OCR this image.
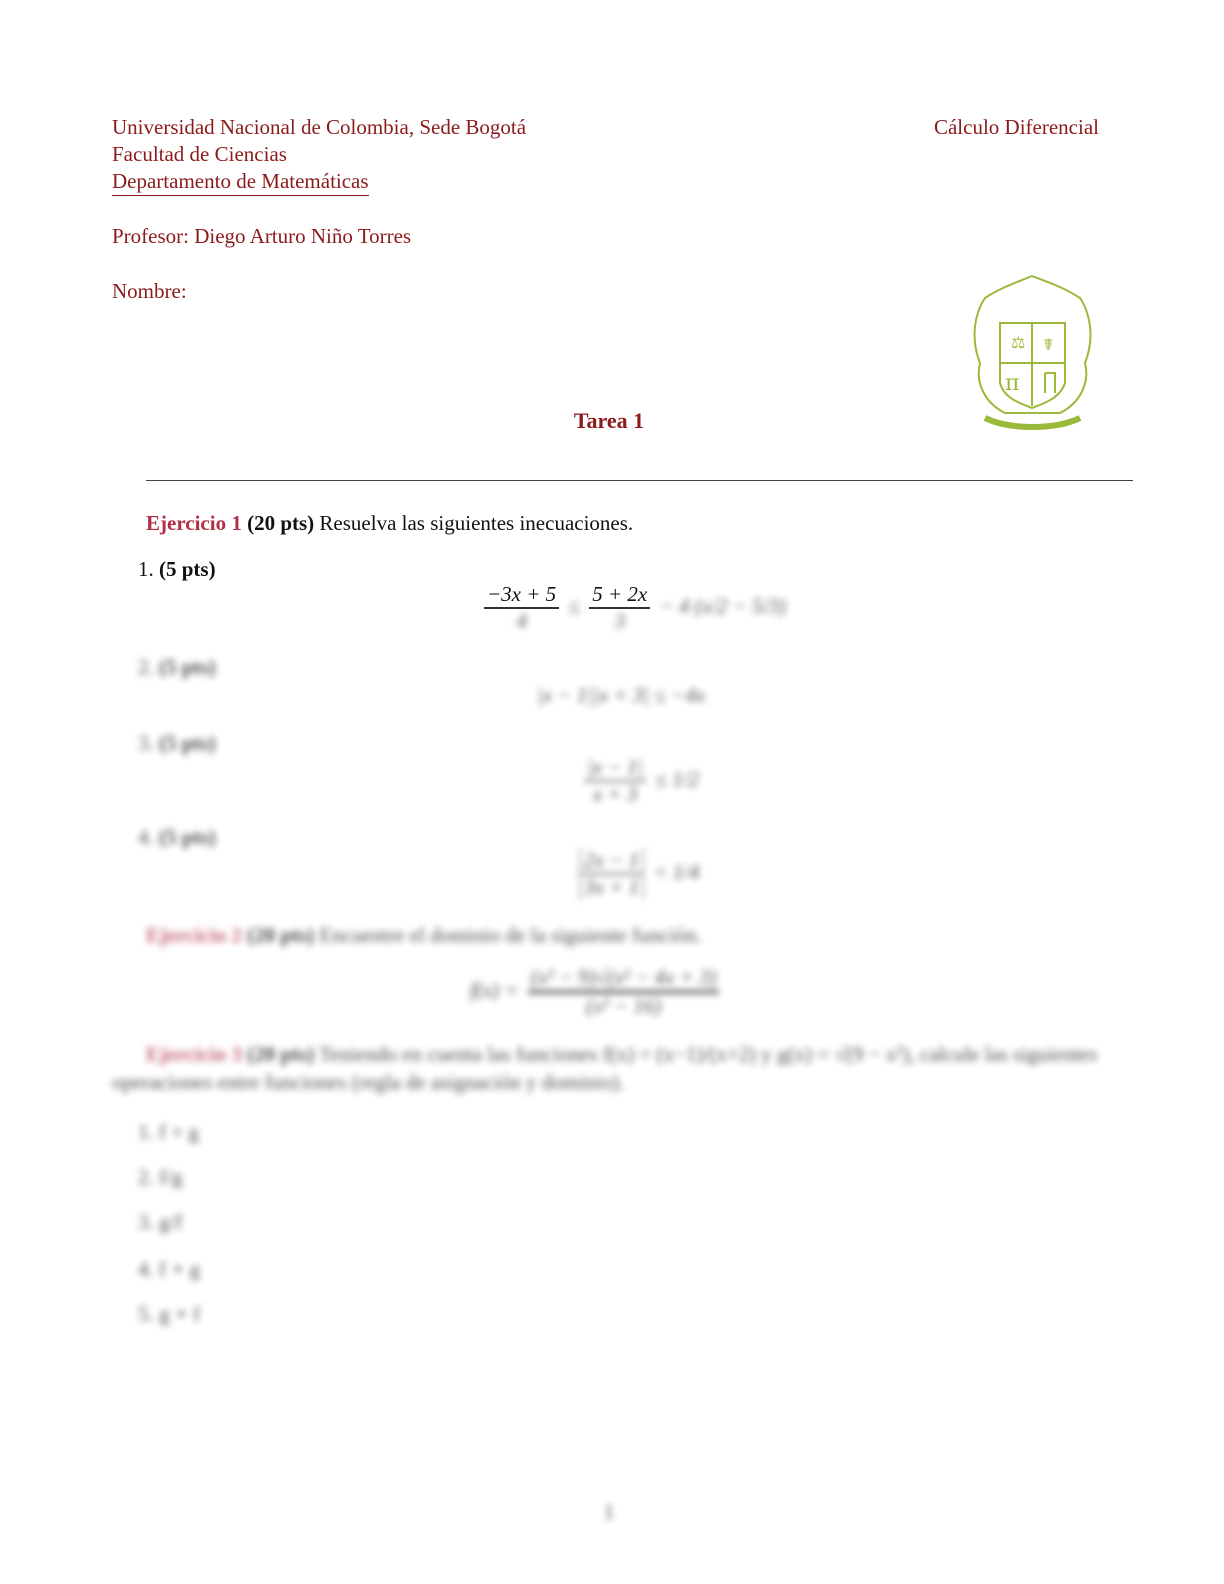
Universidad Nacional de Colombia, Sede Bogotá
Facultad de Ciencias
Departamento de Matemáticas
Cálculo Diferencial
Profesor: Diego Arturo Niño Torres
Nombre:
π
⚖ ☤
Tarea 1
Ejercicio 1 (20 pts) Resuelva las siguientes inecuaciones.
1. (5 pts)
$\frac{-3x + 5}{4} \le \frac{5 + 2x}{3} - 4$ (x/2 − 5/3)
2. (5 pts)
|x − 1||x + 3| ≤ −4x
3. (5 pts)
$\frac{|x - 1|}{x + 3} \le 1/2$
4. (5 pts)
$\frac{2x - 1}{3x + 1} < 1/4$
Ejercicio 2 (20 pts) Encuentre el dominio de la siguiente función.
$f(x) = \frac{\text{(x² − 9)√(x² − 4x + 3)}}{\text{(x² − 16)}}$
Ejercicio 3 (20 pts) Teniendo en cuenta las funciones f(x) = (x−1)/(x+2) y g(x) = √(9 − x²), calcule las siguientes operaciones entre funciones (regla de asignación y dominio).
1. f + g
2. f/g
3. g/f
4. f ∘ g
5. g ∘ f
1
